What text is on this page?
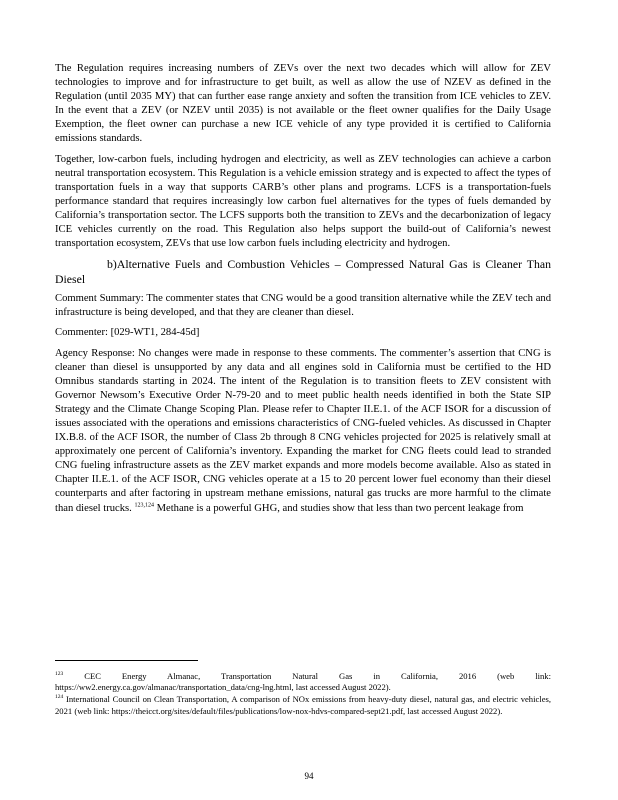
The Regulation requires increasing numbers of ZEVs over the next two decades which will allow for ZEV technologies to improve and for infrastructure to get built, as well as allow the use of NZEV as defined in the Regulation (until 2035 MY) that can further ease range anxiety and soften the transition from ICE vehicles to ZEV. In the event that a ZEV (or NZEV until 2035) is not available or the fleet owner qualifies for the Daily Usage Exemption, the fleet owner can purchase a new ICE vehicle of any type provided it is certified to California emissions standards.

Together, low-carbon fuels, including hydrogen and electricity, as well as ZEV technologies can achieve a carbon neutral transportation ecosystem. This Regulation is a vehicle emission strategy and is expected to affect the types of transportation fuels in a way that supports CARB’s other plans and programs. LCFS is a transportation-fuels performance standard that requires increasingly low carbon fuel alternatives for the types of fuels demanded by California’s transportation sector. The LCFS supports both the transition to ZEVs and the decarbonization of legacy ICE vehicles currently on the road. This Regulation also helps support the build-out of California’s newest transportation ecosystem, ZEVs that use low carbon fuels including electricity and hydrogen.

b)Alternative Fuels and Combustion Vehicles – Compressed Natural Gas is Cleaner Than Diesel

Comment Summary: The commenter states that CNG would be a good transition alternative while the ZEV tech and infrastructure is being developed, and that they are cleaner than diesel.

Commenter: [029-WT1, 284-45d]

Agency Response: No changes were made in response to these comments. The commenter’s assertion that CNG is cleaner than diesel is unsupported by any data and all engines sold in California must be certified to the HD Omnibus standards starting in 2024. The intent of the Regulation is to transition fleets to ZEV consistent with Governor Newsom’s Executive Order N-79-20 and to meet public health needs identified in both the State SIP Strategy and the Climate Change Scoping Plan. Please refer to Chapter II.E.1. of the ACF ISOR for a discussion of issues associated with the operations and emissions characteristics of CNG-fueled vehicles. As discussed in Chapter IX.B.8. of the ACF ISOR, the number of Class 2b through 8 CNG vehicles projected for 2025 is relatively small at approximately one percent of California’s inventory. Expanding the market for CNG fleets could lead to stranded CNG fueling infrastructure assets as the ZEV market expands and more models become available. Also as stated in Chapter II.E.1. of the ACF ISOR, CNG vehicles operate at a 15 to 20 percent lower fuel economy than their diesel counterparts and after factoring in upstream methane emissions, natural gas trucks are more harmful to the climate than diesel trucks. $^{123,124}$ Methane is a powerful GHG, and studies show that less than two percent leakage from

$^{123}$ CEC Energy Almanac, Transportation Natural Gas in California, 2016 (web link: https://ww2.energy.ca.gov/almanac/transportation_data/cng-lng.html, last accessed August 2022).

$^{124}$ International Council on Clean Transportation, A comparison of NOx emissions from heavy-duty diesel, natural gas, and electric vehicles, 2021 (web link: https://theicct.org/sites/default/files/publications/low-nox-hdvs-compared-sept21.pdf, last accessed August 2022).

94
